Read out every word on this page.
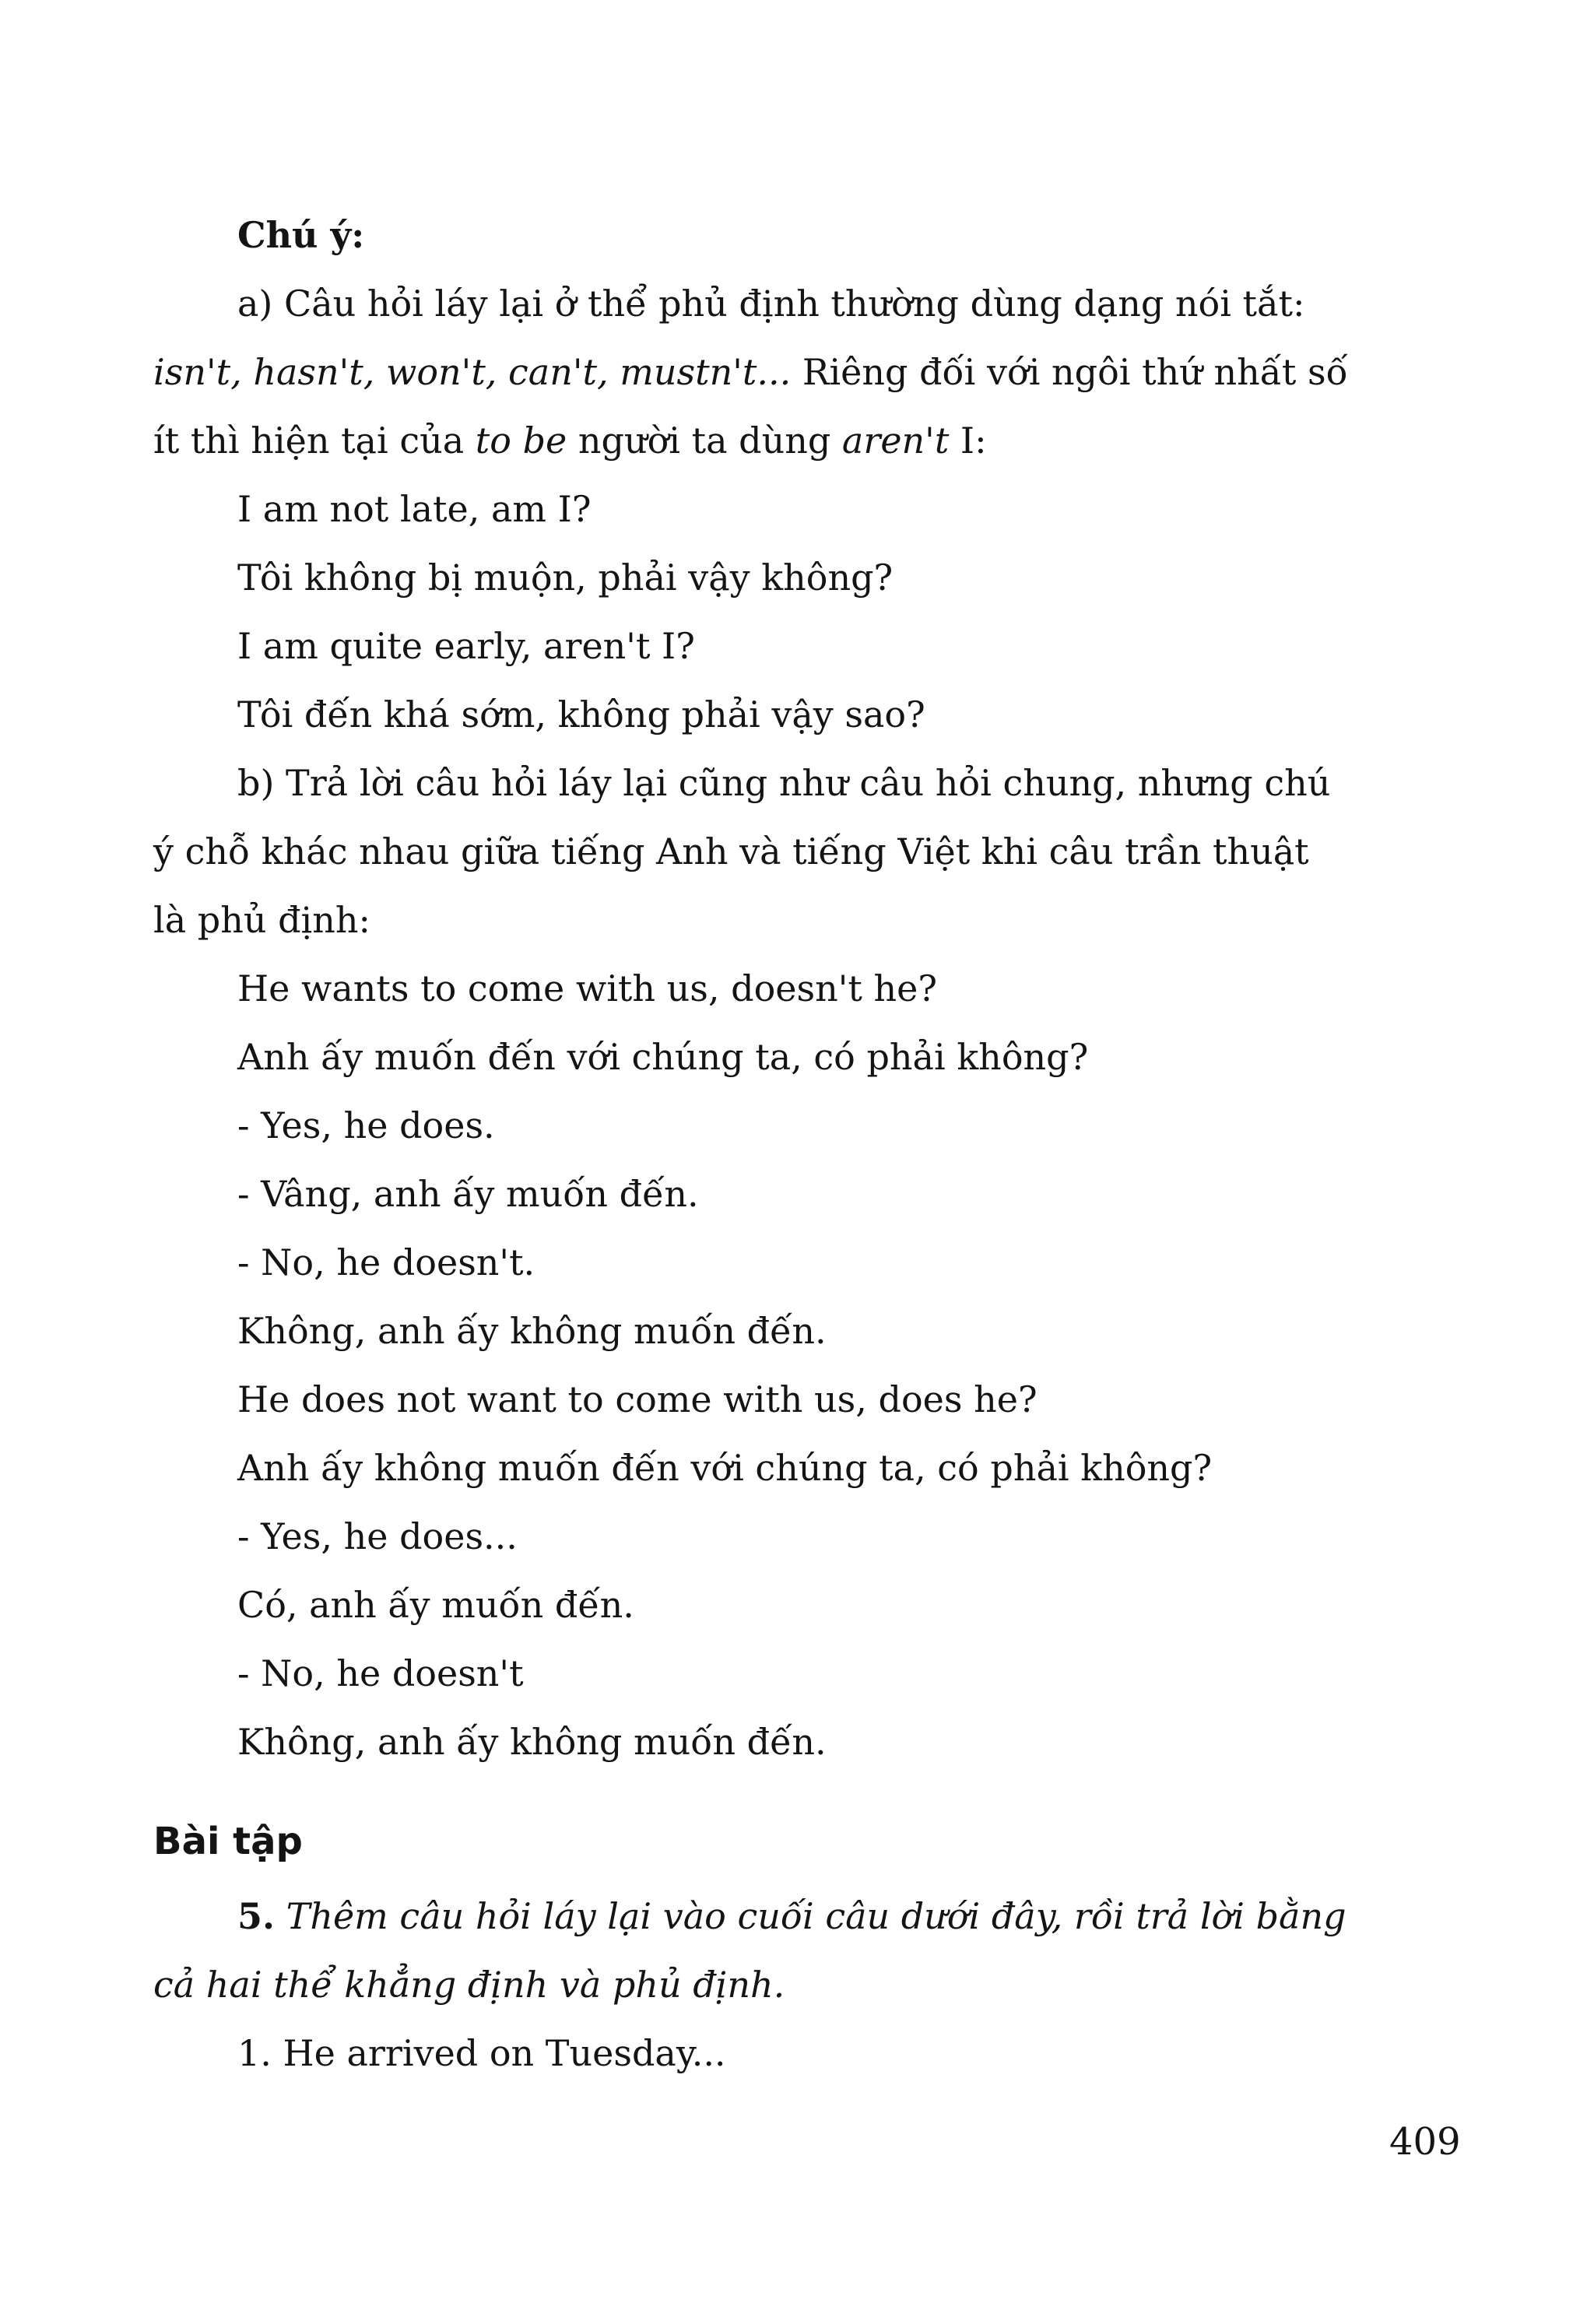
Chú ý:
a) Câu hỏi láy lại ở thể phủ định thường dùng dạng nói tắt:
isn't, hasn't, won't, can't, mustn't... Riêng đối với ngôi thứ nhất số
ít thì hiện tại của to be người ta dùng aren't I:
I am not late, am I?
Tôi không bị muộn, phải vậy không?
I am quite early, aren't I?
Tôi đến khá sớm, không phải vậy sao?
b) Trả lời câu hỏi láy lại cũng như câu hỏi chung, nhưng chú
ý chỗ khác nhau giữa tiếng Anh và tiếng Việt khi câu trần thuật
là phủ định:
He wants to come with us, doesn't he?
Anh ấy muốn đến với chúng ta, có phải không?
- Yes, he does.
- Vâng, anh ấy muốn đến.
- No, he doesn't.
Không, anh ấy không muốn đến.
He does not want to come with us, does he?
Anh ấy không muốn đến với chúng ta, có phải không?
- Yes, he does...
Có, anh ấy muốn đến.
- No, he doesn't
Không, anh ấy không muốn đến.
Bài tập
5. Thêm câu hỏi láy lại vào cuối câu dưới đây, rồi trả lời bằng
cả hai thể khẳng định và phủ định.
1. He arrived on Tuesday...
409
